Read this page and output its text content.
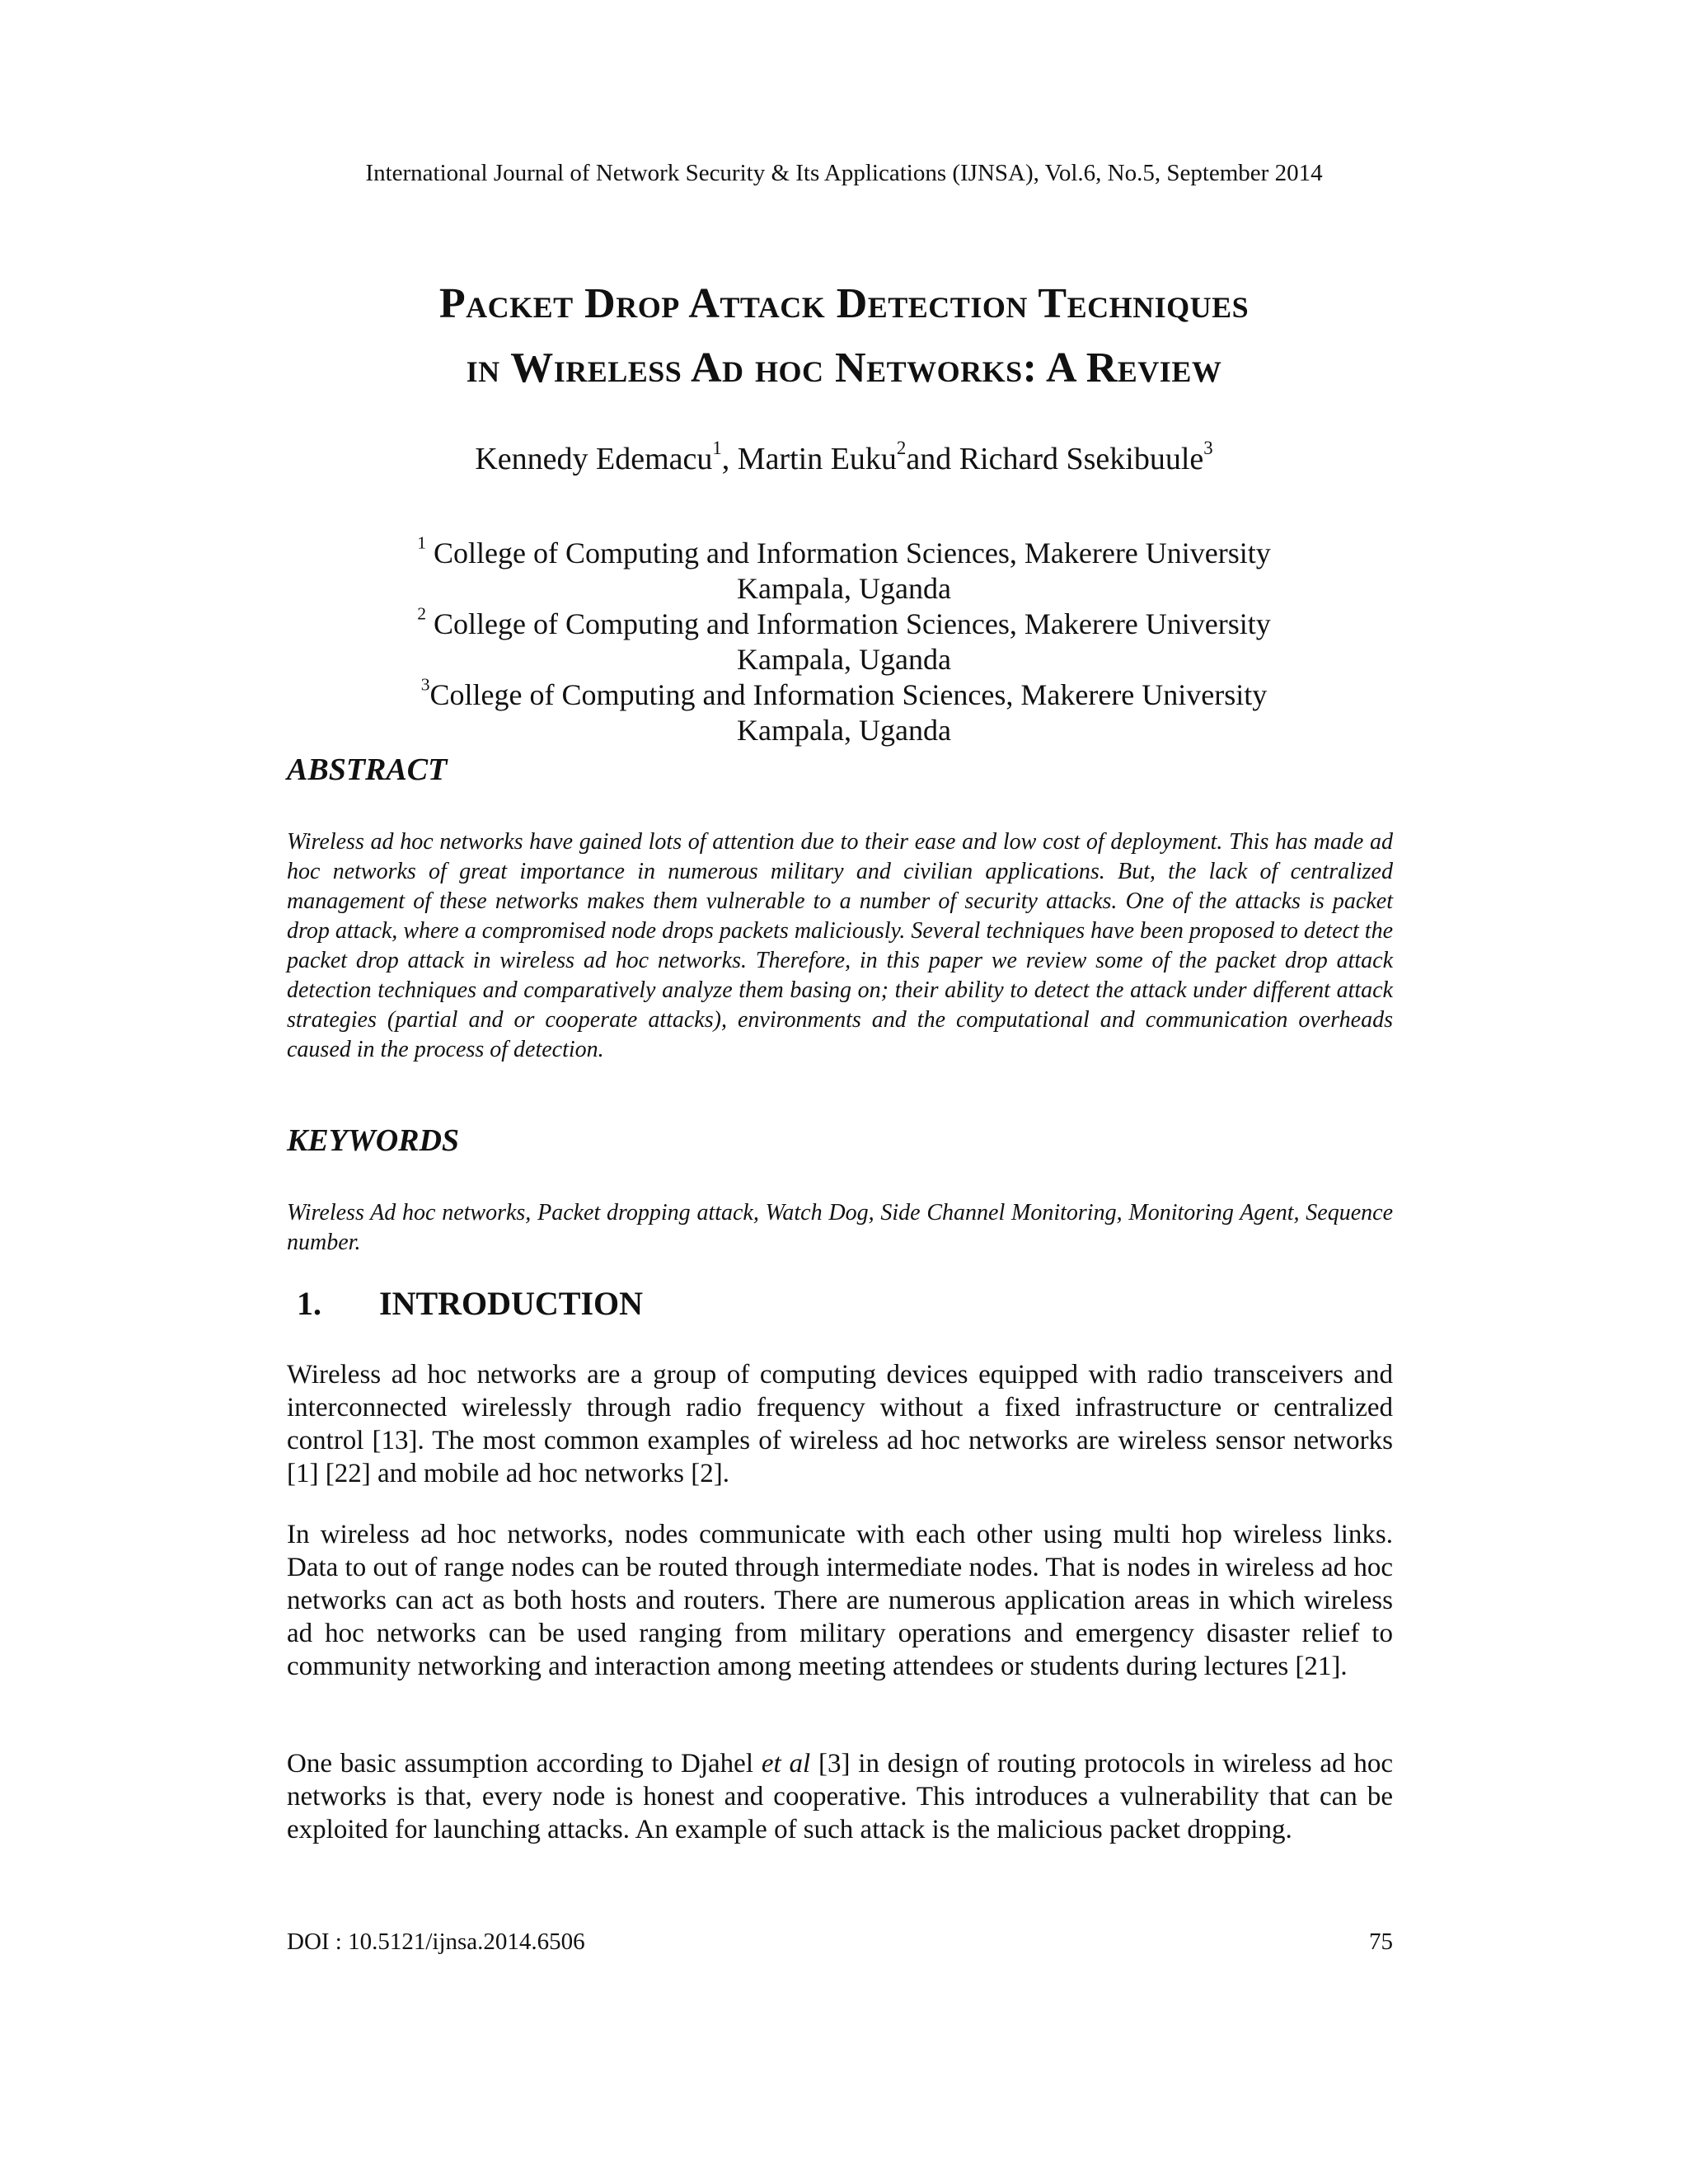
International Journal of Network Security & Its Applications (IJNSA), Vol.6, No.5, September 2014
Packet Drop Attack Detection Techniques
in Wireless Ad hoc Networks: A Review
Kennedy Edemacu$^1$, Martin Euku$^2$and Richard Ssekibuule$^3$
$^1$ College of Computing and Information Sciences, Makerere University
Kampala, Uganda
$^2$ College of Computing and Information Sciences, Makerere University
Kampala, Uganda
$^3$College of Computing and Information Sciences, Makerere University
Kampala, Uganda
ABSTRACT

Wireless ad hoc networks have gained lots of attention due to their ease and low cost of deployment. This has made ad hoc networks of great importance in numerous military and civilian applications. But, the lack of centralized management of these networks makes them vulnerable to a number of security attacks. One of the attacks is packet drop attack, where a compromised node drops packets maliciously. Several techniques have been proposed to detect the packet drop attack in wireless ad hoc networks. Therefore, in this paper we review some of the packet drop attack detection techniques and comparatively analyze them basing on; their ability to detect the attack under different attack strategies (partial and or cooperate attacks), environments and the computational and communication overheads caused in the process of detection.

KEYWORDS

Wireless Ad hoc networks, Packet dropping attack, Watch Dog, Side Channel Monitoring, Monitoring Agent, Sequence number.

1. INTRODUCTION

Wireless ad hoc networks are a group of computing devices equipped with radio transceivers and interconnected wirelessly through radio frequency without a fixed infrastructure or centralized control [13]. The most common examples of wireless ad hoc networks are wireless sensor networks [1] [22] and mobile ad hoc networks [2].

In wireless ad hoc networks, nodes communicate with each other using multi hop wireless links. Data to out of range nodes can be routed through intermediate nodes. That is nodes in wireless ad hoc networks can act as both hosts and routers. There are numerous application areas in which wireless ad hoc networks can be used ranging from military operations and emergency disaster relief to community networking and interaction among meeting attendees or students during lectures [21].

One basic assumption according to Djahel et al [3] in design of routing protocols in wireless ad hoc networks is that, every node is honest and cooperative. This introduces a vulnerability that can be exploited for launching attacks. An example of such attack is the malicious packet dropping.

DOI : 10.5121/ijnsa.2014.6506	75
